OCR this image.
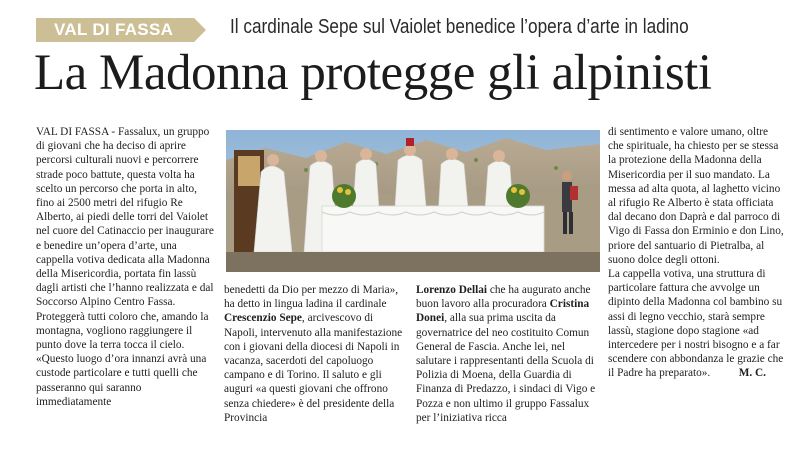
VAL DI FASSA	Il cardinale Sepe sul Vaiolet benedice l’opera d’arte in ladino
La Madonna protegge gli alpinisti

VAL DI FASSA - Fassalux, un gruppo di giovani che ha deciso di aprire percorsi culturali nuovi e percorrere strade poco battute, questa volta ha scelto un percorso che porta in alto, fino ai 2500 metri del rifugio Re Alberto, ai piedi delle torri del Vaiolet nel cuore del Catinaccio per inaugurare e benedire un’opera d’arte, una cappella votiva dedicata alla Madonna della Misericordia, portata fin lassù dagli artisti che l’hanno realizzata e dal Soccorso Alpino Centro Fassa.

Proteggerà tutti coloro che, amando la montagna, vogliono raggiungere il punto dove la terra tocca il cielo. «Questo luogo d’ora innanzi avrà una custode particolare e tutti quelli che passeranno qui saranno immediatamente

benedetti da Dio per mezzo di Maria», ha detto in lingua ladina il cardinale Crescenzio Sepe, arcivescovo di Napoli, intervenuto alla manifestazione con i giovani della diocesi di Napoli in vacanza, sacerdoti del capoluogo campano e di Torino. Il saluto e gli auguri «a questi giovani che offrono senza chiedere» è del presidente della Provincia

Lorenzo Dellai che ha augurato anche buon lavoro alla procuradora Cristina Donei, alla sua prima uscita da governatrice del neo costituito Comun General de Fascia. Anche lei, nel salutare i rappresentanti della Scuola di Polizia di Moena, della Guardia di Finanza di Predazzo, i sindaci di Vigo e Pozza e non ultimo il gruppo Fassalux per l’iniziativa ricca

di sentimento e valore umano, oltre che spirituale, ha chiesto per se stessa la protezione della Madonna della Misericordia per il suo mandato. La messa ad alta quota, al laghetto vicino al rifugio Re Alberto è stata officiata dal decano don Daprà e dal parroco di Vigo di Fassa don Erminio e don Lino, priore del santuario di Pietralba, al suono dolce degli ottoni.

La cappella votiva, una struttura di particolare fattura che avvolge un dipinto della Madonna col bambino su assi di legno vecchio, starà sempre lassù, stagione dopo stagione «ad intercedere per i nostri bisogno e a far scendere con abbondanza le grazie che il Padre ha preparato».	M. C.
